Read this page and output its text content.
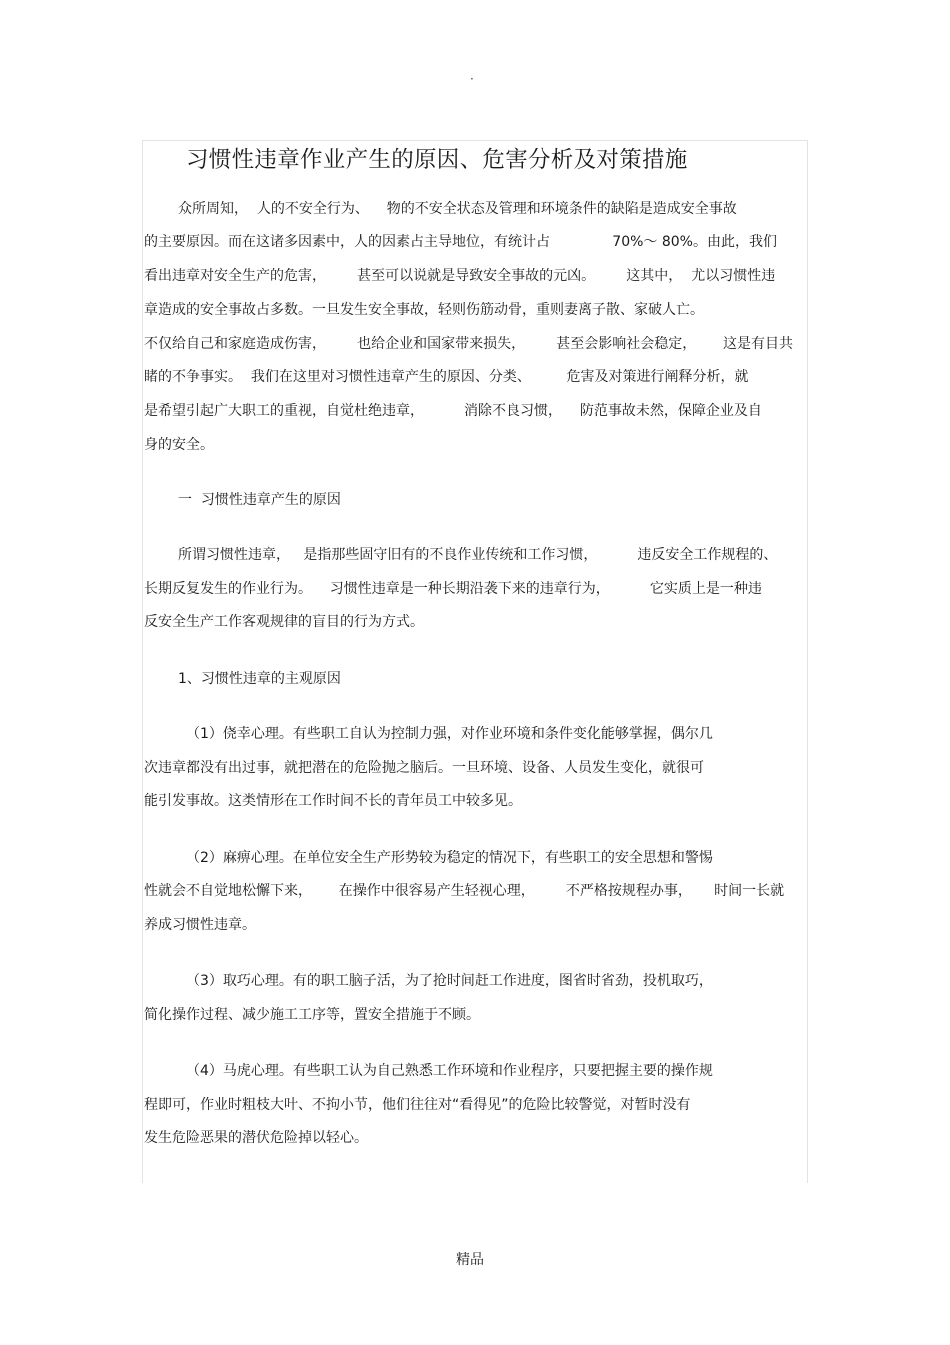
·
习惯性违章作业产生的原因、危害分析及对策措施
众所周知，  人的不安全行为、    物的不安全状态及管理和环境条件的缺陷是造成安全事故
的主要原因。而在这诸多因素中，人的因素占主导地位，有统计占              70%～ 80%。由此，我们
看出违章对安全生产的危害，       甚至可以说就是导致安全事故的元凶。       这其中，  尤以习惯性违
章造成的安全事故占多数。一旦发生安全事故，轻则伤筋动骨，重则妻离子散、家破人亡。
不仅给自己和家庭造成伤害，       也给企业和国家带来损失，       甚至会影响社会稳定，      这是有目共
睹的不争事实。  我们在这里对习惯性违章产生的原因、分类、        危害及对策进行阐释分析，就
是希望引起广大职工的重视，自觉杜绝违章，         消除不良习惯，    防范事故未然，保障企业及自
身的安全。
一  习惯性违章产生的原因
所谓习惯性违章，   是指那些固守旧有的不良作业传统和工作习惯，         违反安全工作规程的、
长期反复发生的作业行为。    习惯性违章是一种长期沿袭下来的违章行为，         它实质上是一种违
反安全生产工作客观规律的盲目的行为方式。
1、习惯性违章的主观原因
（1）侥幸心理。有些职工自认为控制力强，对作业环境和条件变化能够掌握，偶尔几
次违章都没有出过事，就把潜在的危险抛之脑后。一旦环境、设备、人员发生变化，就很可
能引发事故。这类情形在工作时间不长的青年员工中较多见。
（2）麻痹心理。在单位安全生产形势较为稳定的情况下，有些职工的安全思想和警惕
性就会不自觉地松懈下来，      在操作中很容易产生轻视心理，       不严格按规程办事，     时间一长就
养成习惯性违章。
（3）取巧心理。有的职工脑子活，为了抢时间赶工作进度，图省时省劲，投机取巧，
简化操作过程、减少施工工序等，置安全措施于不顾。
（4）马虎心理。有些职工认为自己熟悉工作环境和作业程序，只要把握主要的操作规
程即可，作业时粗枝大叶、不拘小节，他们往往对“看得见”的危险比较警觉，对暂时没有
发生危险恶果的潜伏危险掉以轻心。
精品
